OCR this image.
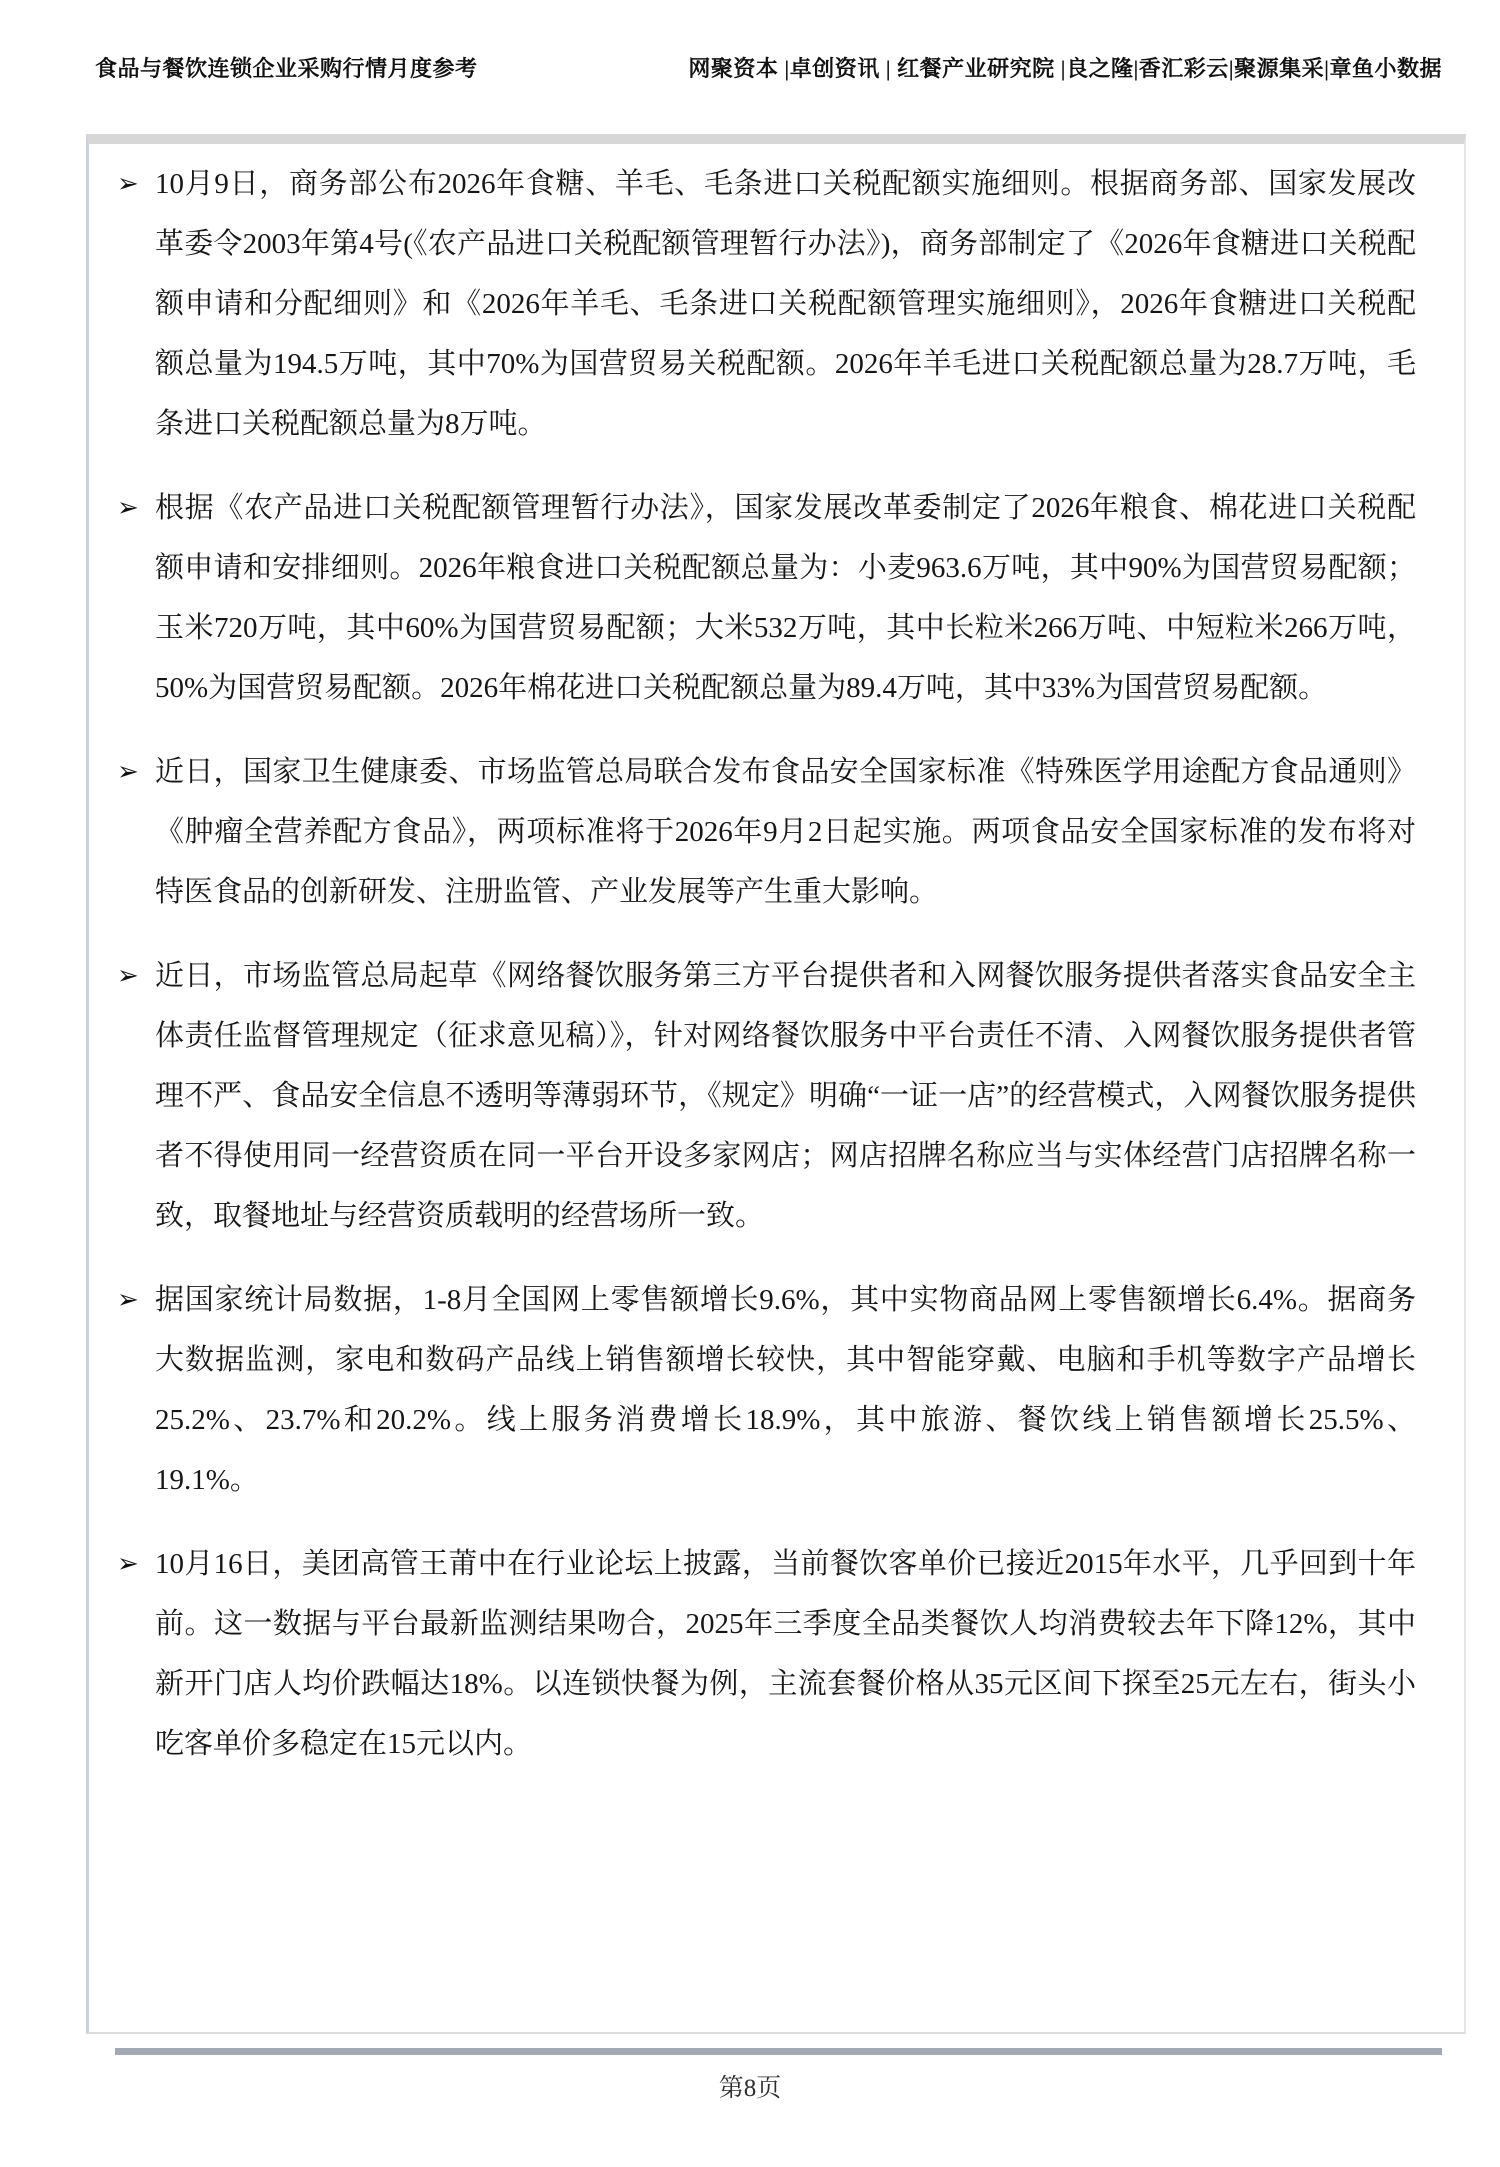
食品与餐饮连锁企业采购行情月度参考	网聚资本 |卓创资讯 | 红餐产业研究院 |良之隆|香汇彩云|聚源集采|章鱼小数据
➢ 10月9日，商务部公布2026年食糖、羊毛、毛条进口关税配额实施细则。根据商务部、国家发展改革委令2003年第4号(《农产品进口关税配额管理暂行办法》)，商务部制定了《2026年食糖进口关税配额申请和分配细则》和《2026年羊毛、毛条进口关税配额管理实施细则》，2026年食糖进口关税配额总量为194.5万吨，其中70%为国营贸易关税配额。2026年羊毛进口关税配额总量为28.7万吨，毛条进口关税配额总量为8万吨。
➢ 根据《农产品进口关税配额管理暂行办法》，国家发展改革委制定了2026年粮食、棉花进口关税配额申请和安排细则。2026年粮食进口关税配额总量为：小麦963.6万吨，其中90%为国营贸易配额；玉米720万吨，其中60%为国营贸易配额；大米532万吨，其中长粒米266万吨、中短粒米266万吨，50%为国营贸易配额。2026年棉花进口关税配额总量为89.4万吨，其中33%为国营贸易配额。
➢ 近日，国家卫生健康委、市场监管总局联合发布食品安全国家标准《特殊医学用途配方食品通则》《肿瘤全营养配方食品》，两项标准将于2026年9月2日起实施。两项食品安全国家标准的发布将对特医食品的创新研发、注册监管、产业发展等产生重大影响。
➢ 近日，市场监管总局起草《网络餐饮服务第三方平台提供者和入网餐饮服务提供者落实食品安全主体责任监督管理规定（征求意见稿）》，针对网络餐饮服务中平台责任不清、入网餐饮服务提供者管理不严、食品安全信息不透明等薄弱环节，《规定》明确“一证一店”的经营模式，入网餐饮服务提供者不得使用同一经营资质在同一平台开设多家网店；网店招牌名称应当与实体经营门店招牌名称一致，取餐地址与经营资质载明的经营场所一致。
➢ 据国家统计局数据，1-8月全国网上零售额增长9.6%，其中实物商品网上零售额增长6.4%。据商务大数据监测，家电和数码产品线上销售额增长较快，其中智能穿戴、电脑和手机等数字产品增长25.2%、23.7%和20.2%。线上服务消费增长18.9%，其中旅游、餐饮线上销售额增长25.5%、19.1%。
➢ 10月16日，美团高管王莆中在行业论坛上披露，当前餐饮客单价已接近2015年水平，几乎回到十年前。这一数据与平台最新监测结果吻合，2025年三季度全品类餐饮人均消费较去年下降12%，其中新开门店人均价跌幅达18%。以连锁快餐为例，主流套餐价格从35元区间下探至25元左右，街头小吃客单价多稳定在15元以内。
第8页
